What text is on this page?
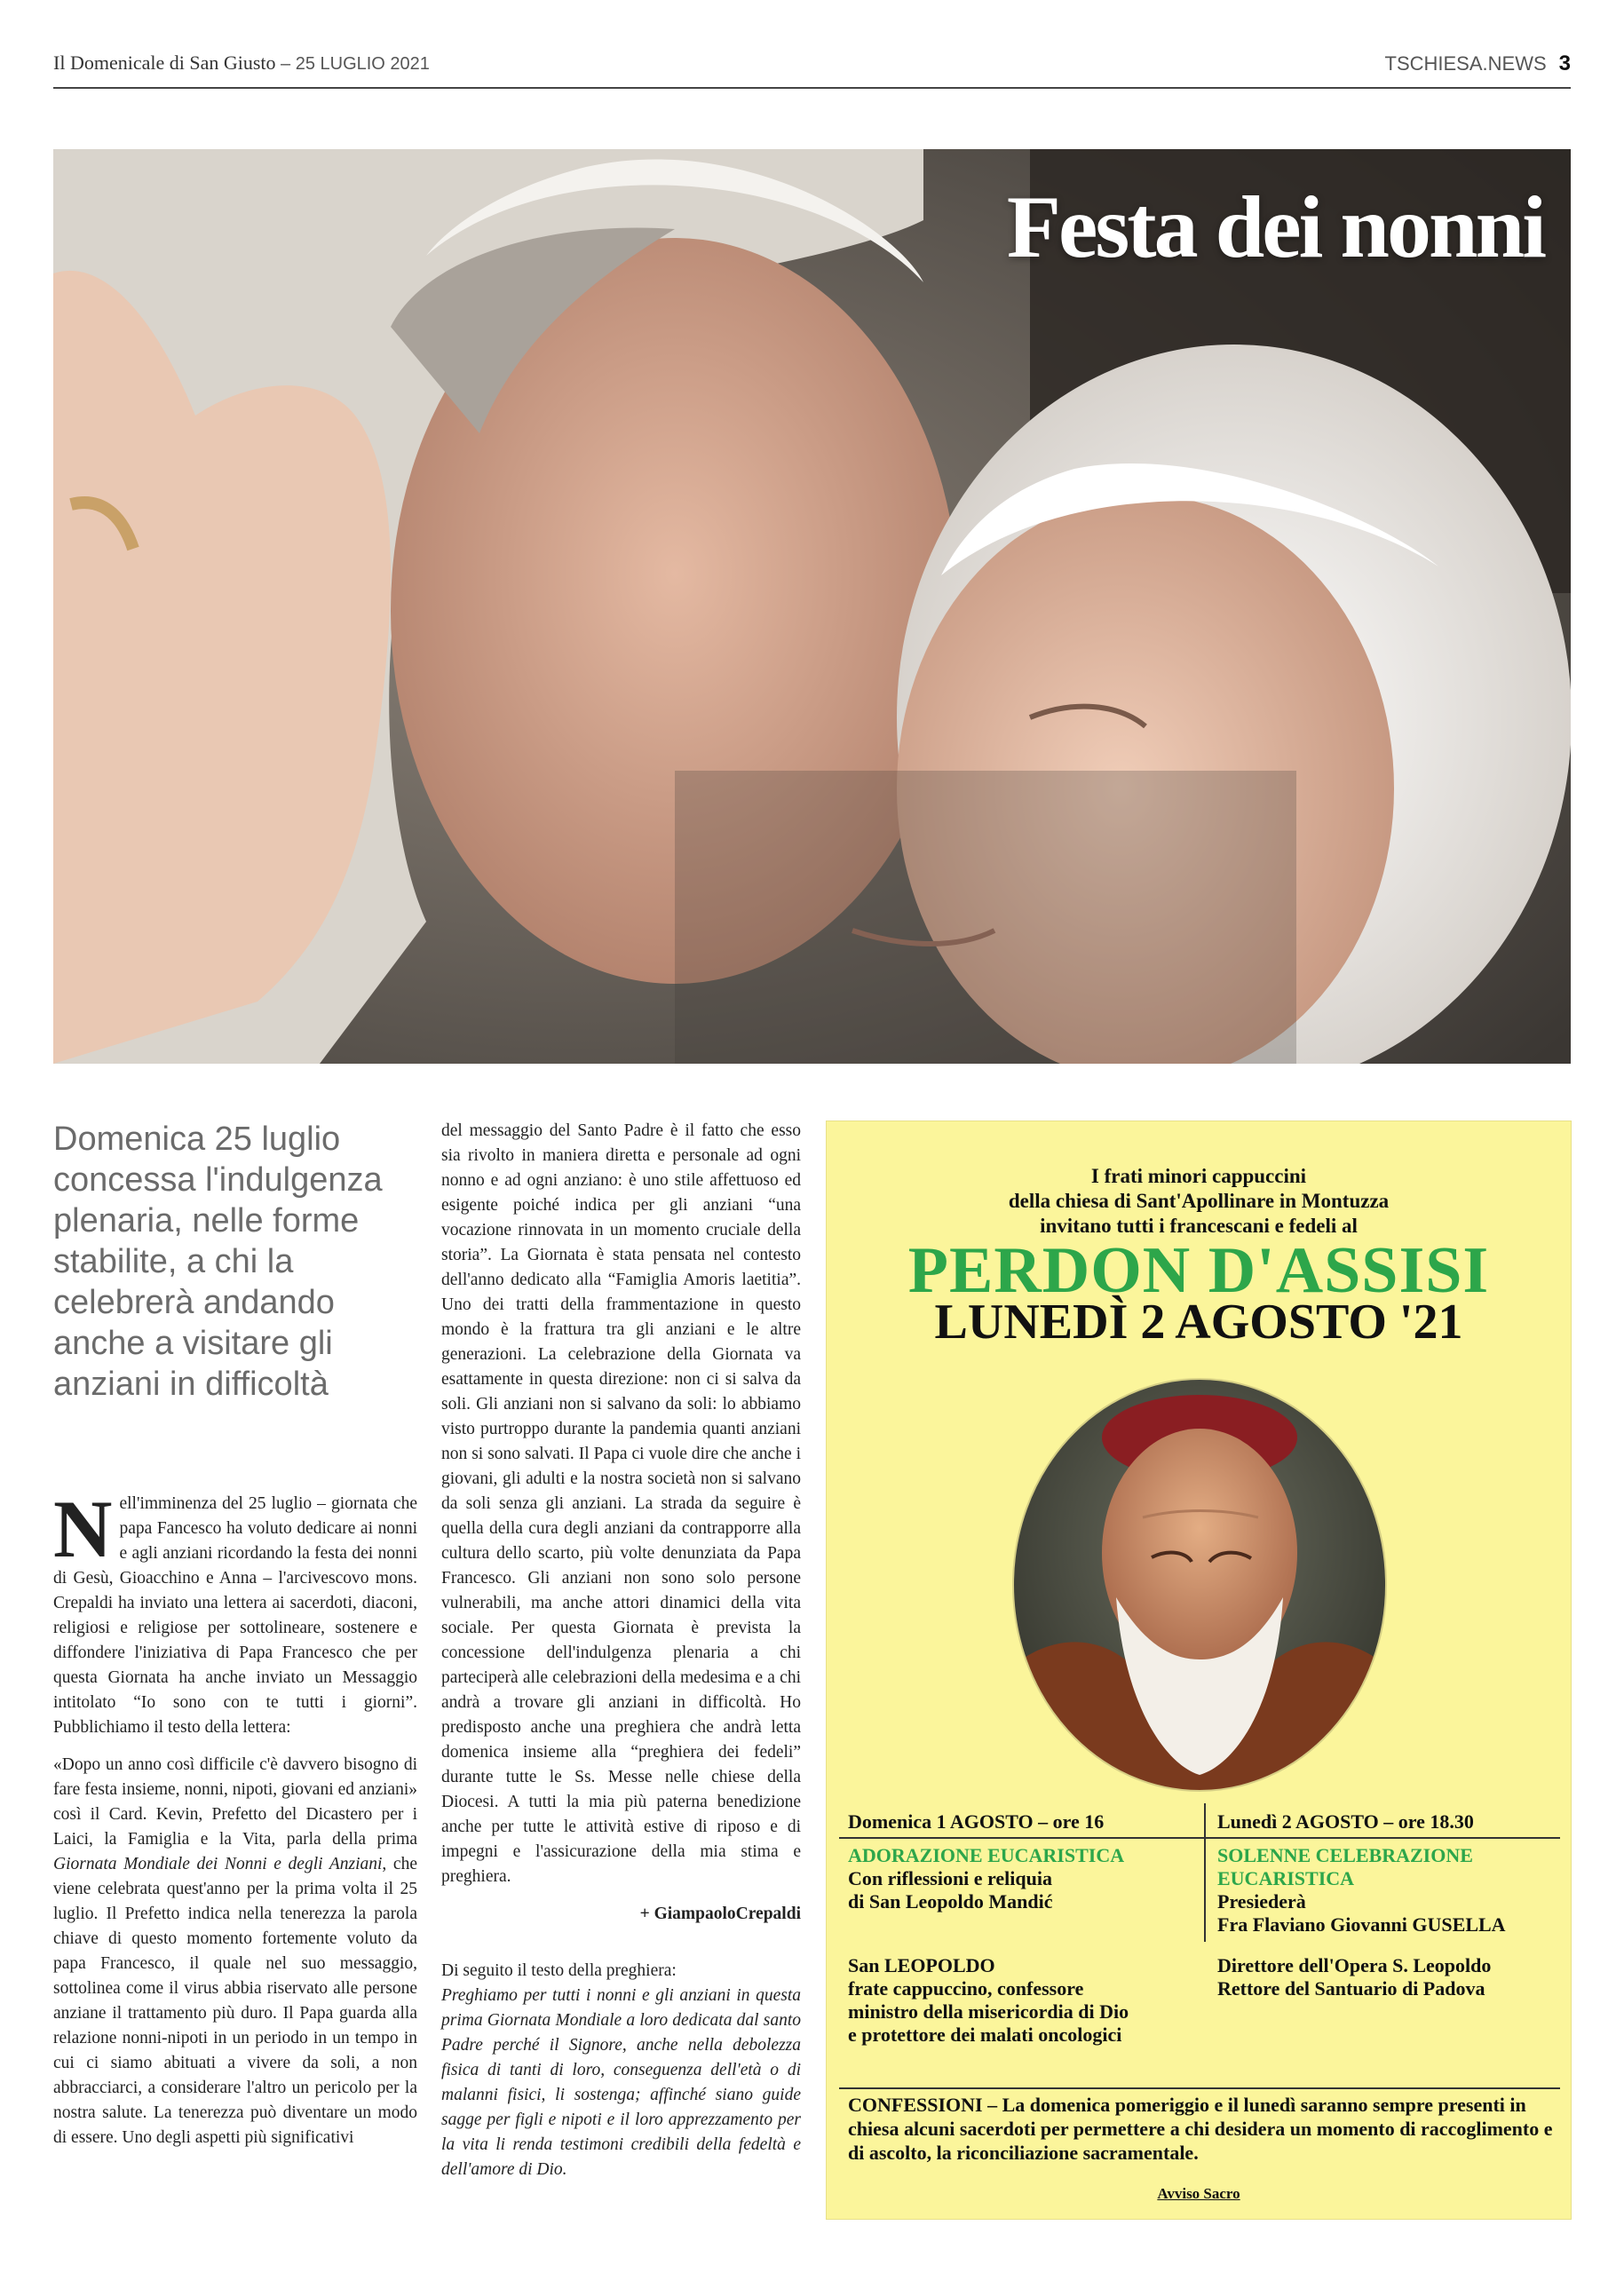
Il Domenicale di San Giusto – 25 LUGLIO 2021	TSCHIESA.NEWS 3
Festa dei nonni
Domenica 25 luglio concessa l'indulgenza plenaria, nelle forme stabilite, a chi la celebrerà andando anche a visitare gli anziani in difficoltà

Nell'imminenza del 25 luglio – giornata che papa Fancesco ha voluto dedicare ai nonni e agli anziani ricordando la festa dei nonni di Gesù, Gioacchino e Anna – l'arcivescovo mons. Crepaldi ha inviato una lettera ai sacerdoti, diaconi, religiosi e religiose per sottolineare, sostenere e diffondere l'iniziativa di Papa Francesco che per questa Giornata ha anche inviato un Messaggio intitolato “Io sono con te tutti i giorni”. Pubblichiamo il testo della lettera:

«Dopo un anno così difficile c'è davvero bisogno di fare festa insieme, nonni, nipoti, giovani ed anziani» così il Card. Kevin, Prefetto del Dicastero per i Laici, la Famiglia e la Vita, parla della prima Giornata Mondiale dei Nonni e degli Anziani, che viene celebrata quest'anno per la prima volta il 25 luglio. Il Prefetto indica nella tenerezza la parola chiave di questo momento fortemente voluto da papa Francesco, il quale nel suo messaggio, sottolinea come il virus abbia riservato alle persone anziane il trattamento più duro. Il Papa guarda alla relazione nonni-nipoti in un periodo in un tempo in cui ci siamo abituati a vivere da soli, a non abbracciarci, a considerare l'altro un pericolo per la nostra salute. La tenerezza può diventare un modo di essere. Uno degli aspetti più significativi

del messaggio del Santo Padre è il fatto che esso sia rivolto in maniera diretta e personale ad ogni nonno e ad ogni anziano: è uno stile affettuoso ed esigente poiché indica per gli anziani “una vocazione rinnovata in un momento cruciale della storia”. La Giornata è stata pensata nel contesto dell'anno dedicato alla “Famiglia Amoris laetitia”. Uno dei tratti della frammentazione in questo mondo è la frattura tra gli anziani e le altre generazioni. La celebrazione della Giornata va esattamente in questa direzione: non ci si salva da soli. Gli anziani non si salvano da soli: lo abbiamo visto purtroppo durante la pandemia quanti anziani non si sono salvati. Il Papa ci vuole dire che anche i giovani, gli adulti e la nostra società non si salvano da soli senza gli anziani. La strada da seguire è quella della cura degli anziani da contrapporre alla cultura dello scarto, più volte denunziata da Papa Francesco. Gli anziani non sono solo persone vulnerabili, ma anche attori dinamici della vita sociale. Per questa Giornata è prevista la concessione dell'indulgenza plenaria a chi parteciperà alle celebrazioni della medesima e a chi andrà a trovare gli anziani in difficoltà. Ho predisposto anche una preghiera che andrà letta domenica insieme alla “preghiera dei fedeli” durante tutte le Ss. Messe nelle chiese della Diocesi. A tutti la mia più paterna benedizione anche per tutte le attività estive di riposo e di impegni e l'assicurazione della mia stima e preghiera.

+ GiampaoloCrepaldi

Di seguito il testo della preghiera:

Preghiamo per tutti i nonni e gli anziani in questa prima Giornata Mondiale a loro dedicata dal santo Padre perché il Signore, anche nella debolezza fisica di tanti di loro, conseguenza dell'età o di malanni fisici, li sostenga; affinché siano guide sagge per figli e nipoti e il loro apprezzamento per la vita li renda testimoni credibili della fedeltà e dell'amore di Dio.

I frati minori cappuccini
della chiesa di Sant'Apollinare in Montuzza
invitano tutti i francescani e fedeli al
PERDON D'ASSISI
LUNEDÌ 2 AGOSTO '21
Domenica 1 AGOSTO – ore 16	Lunedì 2 AGOSTO – ore 18.30
ADORAZIONE EUCARISTICA
Con riflessioni e reliquia di San Leopoldo Mandić
SOLENNE CELEBRAZIONE EUCARISTICA
Presiederà
Fra Flaviano Giovanni GUSELLA
San LEOPOLDO
frate cappuccino, confessore
ministro della misericordia di Dio
e protettore dei malati oncologici
Direttore dell'Opera S. Leopoldo
Rettore del Santuario di Padova
CONFESSIONI – La domenica pomeriggio e il lunedì saranno sempre presenti in chiesa alcuni sacerdoti per permettere a chi desidera un momento di raccoglimento e di ascolto, la riconciliazione sacramentale.
Avviso Sacro
